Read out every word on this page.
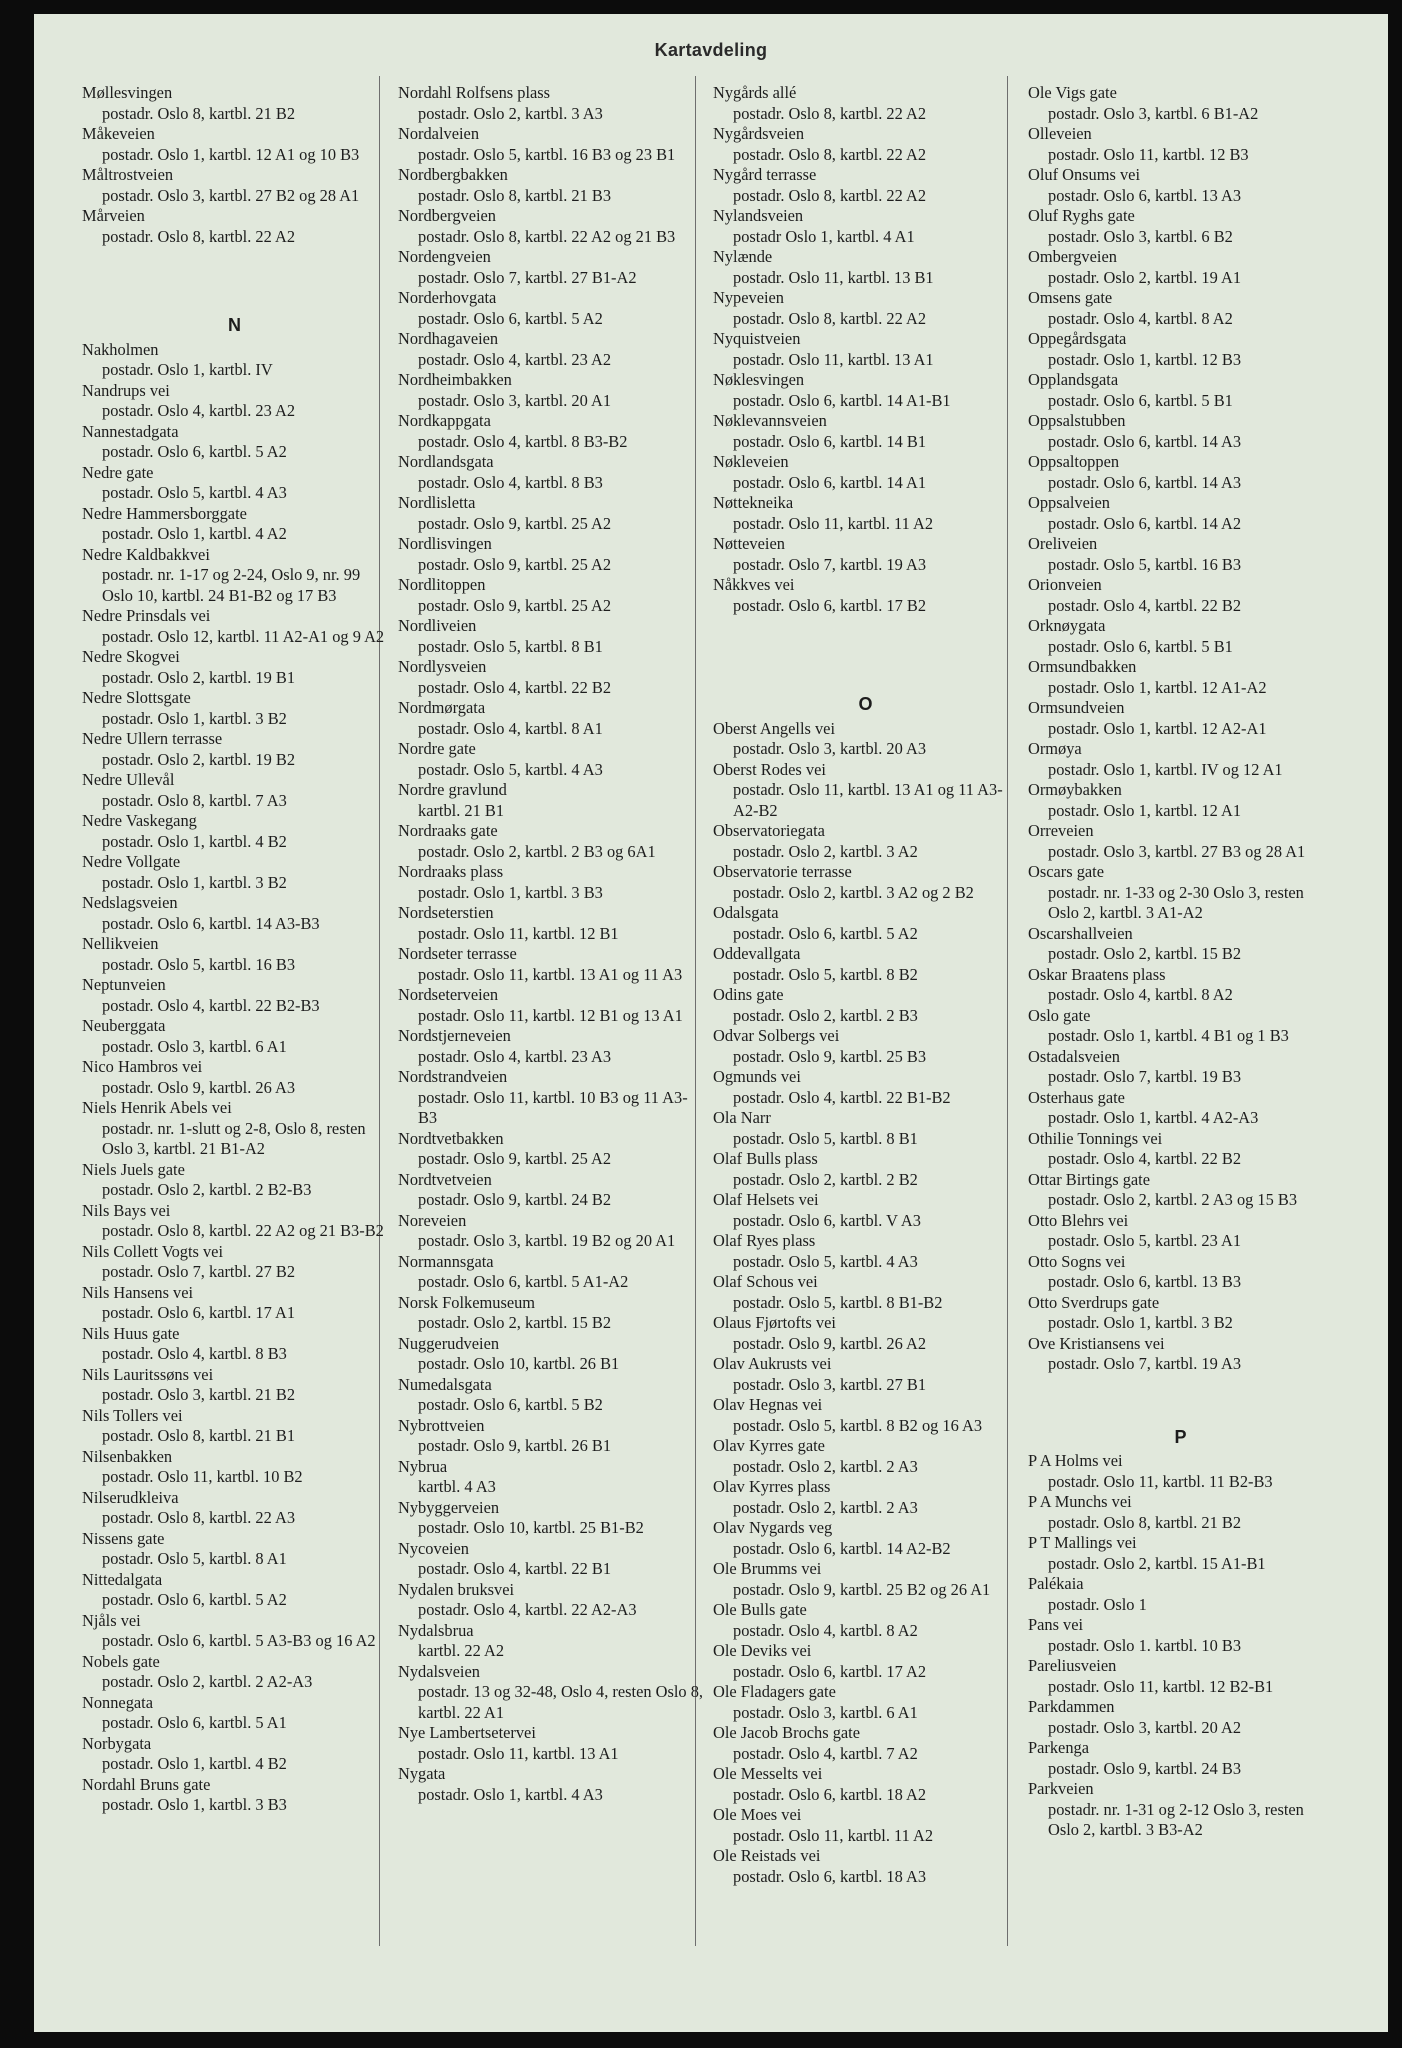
Kartavdeling
Møllesvingen
postadr. Oslo 8, kartbl. 21 B2
Måkeveien
postadr. Oslo 1, kartbl. 12 A1 og 10 B3
Måltrostveien
postadr. Oslo 3, kartbl. 27 B2 og 28 A1
Mårveien
postadr. Oslo 8, kartbl. 22 A2
N
Nakholmen
postadr. Oslo 1, kartbl. IV
Nandrups vei
postadr. Oslo 4, kartbl. 23 A2
Nannestadgata
postadr. Oslo 6, kartbl. 5 A2
Nedre gate
postadr. Oslo 5, kartbl. 4 A3
Nedre Hammersborggate
postadr. Oslo 1, kartbl. 4 A2
Nedre Kaldbakkvei
postadr. nr. 1-17 og 2-24, Oslo 9, nr. 99 Oslo 10, kartbl. 24 B1-B2 og 17 B3
Nedre Prinsdals vei
postadr. Oslo 12, kartbl. 11 A2-A1 og 9 A2
Nedre Skogvei
postadr. Oslo 2, kartbl. 19 B1
Nedre Slottsgate
postadr. Oslo 1, kartbl. 3 B2
Nedre Ullern terrasse
postadr. Oslo 2, kartbl. 19 B2
Nedre Ullevål
postadr. Oslo 8, kartbl. 7 A3
Nedre Vaskegang
postadr. Oslo 1, kartbl. 4 B2
Nedre Vollgate
postadr. Oslo 1, kartbl. 3 B2
Nedslagsveien
postadr. Oslo 6, kartbl. 14 A3-B3
Nellikveien
postadr. Oslo 5, kartbl. 16 B3
Neptunveien
postadr. Oslo 4, kartbl. 22 B2-B3
Neuberggata
postadr. Oslo 3, kartbl. 6 A1
Nico Hambros vei
postadr. Oslo 9, kartbl. 26 A3
Niels Henrik Abels vei
postadr. nr. 1-slutt og 2-8, Oslo 8, resten Oslo 3, kartbl. 21 B1-A2
Niels Juels gate
postadr. Oslo 2, kartbl. 2 B2-B3
Nils Bays vei
postadr. Oslo 8, kartbl. 22 A2 og 21 B3-B2
Nils Collett Vogts vei
postadr. Oslo 7, kartbl. 27 B2
Nils Hansens vei
postadr. Oslo 6, kartbl. 17 A1
Nils Huus gate
postadr. Oslo 4, kartbl. 8 B3
Nils Lauritssøns vei
postadr. Oslo 3, kartbl. 21 B2
Nils Tollers vei
postadr. Oslo 8, kartbl. 21 B1
Nilsenbakken
postadr. Oslo 11, kartbl. 10 B2
Nilserudkleiva
postadr. Oslo 8, kartbl. 22 A3
Nissens gate
postadr. Oslo 5, kartbl. 8 A1
Nittedalgata
postadr. Oslo 6, kartbl. 5 A2
Njåls vei
postadr. Oslo 6, kartbl. 5 A3-B3 og 16 A2
Nobels gate
postadr. Oslo 2, kartbl. 2 A2-A3
Nonnegata
postadr. Oslo 6, kartbl. 5 A1
Norbygata
postadr. Oslo 1, kartbl. 4 B2
Nordahl Bruns gate
postadr. Oslo 1, kartbl. 3 B3
Nordahl Rolfsens plass
postadr. Oslo 2, kartbl. 3 A3
Nordalveien
postadr. Oslo 5, kartbl. 16 B3 og 23 B1
Nordbergbakken
postadr. Oslo 8, kartbl. 21 B3
Nordbergveien
postadr. Oslo 8, kartbl. 22 A2 og 21 B3
Nordengveien
postadr. Oslo 7, kartbl. 27 B1-A2
Norderhovgata
postadr. Oslo 6, kartbl. 5 A2
Nordhagaveien
postadr. Oslo 4, kartbl. 23 A2
Nordheimbakken
postadr. Oslo 3, kartbl. 20 A1
Nordkappgata
postadr. Oslo 4, kartbl. 8 B3-B2
Nordlandsgata
postadr. Oslo 4, kartbl. 8 B3
Nordlisletta
postadr. Oslo 9, kartbl. 25 A2
Nordlisvingen
postadr. Oslo 9, kartbl. 25 A2
Nordlitoppen
postadr. Oslo 9, kartbl. 25 A2
Nordliveien
postadr. Oslo 5, kartbl. 8 B1
Nordlysveien
postadr. Oslo 4, kartbl. 22 B2
Nordmørgata
postadr. Oslo 4, kartbl. 8 A1
Nordre gate
postadr. Oslo 5, kartbl. 4 A3
Nordre gravlund
kartbl. 21 B1
Nordraaks gate
postadr. Oslo 2, kartbl. 2 B3 og 6A1
Nordraaks plass
postadr. Oslo 1, kartbl. 3 B3
Nordseterstien
postadr. Oslo 11, kartbl. 12 B1
Nordseter terrasse
postadr. Oslo 11, kartbl. 13 A1 og 11 A3
Nordseterveien
postadr. Oslo 11, kartbl. 12 B1 og 13 A1
Nordstjerneveien
postadr. Oslo 4, kartbl. 23 A3
Nordstrandveien
postadr. Oslo 11, kartbl. 10 B3 og 11 A3-B3
Nordtvetbakken
postadr. Oslo 9, kartbl. 25 A2
Nordtvetveien
postadr. Oslo 9, kartbl. 24 B2
Noreveien
postadr. Oslo 3, kartbl. 19 B2 og 20 A1
Normannsgata
postadr. Oslo 6, kartbl. 5 A1-A2
Norsk Folkemuseum
postadr. Oslo 2, kartbl. 15 B2
Nuggerudveien
postadr. Oslo 10, kartbl. 26 B1
Numedalsgata
postadr. Oslo 6, kartbl. 5 B2
Nybrottveien
postadr. Oslo 9, kartbl. 26 B1
Nybrua
kartbl. 4 A3
Nybyggerveien
postadr. Oslo 10, kartbl. 25 B1-B2
Nycoveien
postadr. Oslo 4, kartbl. 22 B1
Nydalen bruksvei
postadr. Oslo 4, kartbl. 22 A2-A3
Nydalsbrua
kartbl. 22 A2
Nydalsveien
postadr. 13 og 32-48, Oslo 4, resten Oslo 8, kartbl. 22 A1
Nye Lambertsetervei
postadr. Oslo 11, kartbl. 13 A1
Nygata
postadr. Oslo 1, kartbl. 4 A3
Nygårds allé
postadr. Oslo 8, kartbl. 22 A2
Nygårdsveien
postadr. Oslo 8, kartbl. 22 A2
Nygård terrasse
postadr. Oslo 8, kartbl. 22 A2
Nylandsveien
postadr Oslo 1, kartbl. 4 A1
Nylænde
postadr. Oslo 11, kartbl. 13 B1
Nypeveien
postadr. Oslo 8, kartbl. 22 A2
Nyquistveien
postadr. Oslo 11, kartbl. 13 A1
Nøklesvingen
postadr. Oslo 6, kartbl. 14 A1-B1
Nøklevannsveien
postadr. Oslo 6, kartbl. 14 B1
Nøkleveien
postadr. Oslo 6, kartbl. 14 A1
Nøttekneika
postadr. Oslo 11, kartbl. 11 A2
Nøtteveien
postadr. Oslo 7, kartbl. 19 A3
Nåkkves vei
postadr. Oslo 6, kartbl. 17 B2
O
Oberst Angells vei
postadr. Oslo 3, kartbl. 20 A3
Oberst Rodes vei
postadr. Oslo 11, kartbl. 13 A1 og 11 A3-A2-B2
Observatoriegata
postadr. Oslo 2, kartbl. 3 A2
Observatorie terrasse
postadr. Oslo 2, kartbl. 3 A2 og 2 B2
Odalsgata
postadr. Oslo 6, kartbl. 5 A2
Oddevallgata
postadr. Oslo 5, kartbl. 8 B2
Odins gate
postadr. Oslo 2, kartbl. 2 B3
Odvar Solbergs vei
postadr. Oslo 9, kartbl. 25 B3
Ogmunds vei
postadr. Oslo 4, kartbl. 22 B1-B2
Ola Narr
postadr. Oslo 5, kartbl. 8 B1
Olaf Bulls plass
postadr. Oslo 2, kartbl. 2 B2
Olaf Helsets vei
postadr. Oslo 6, kartbl. V A3
Olaf Ryes plass
postadr. Oslo 5, kartbl. 4 A3
Olaf Schous vei
postadr. Oslo 5, kartbl. 8 B1-B2
Olaus Fjørtofts vei
postadr. Oslo 9, kartbl. 26 A2
Olav Aukrusts vei
postadr. Oslo 3, kartbl. 27 B1
Olav Hegnas vei
postadr. Oslo 5, kartbl. 8 B2 og 16 A3
Olav Kyrres gate
postadr. Oslo 2, kartbl. 2 A3
Olav Kyrres plass
postadr. Oslo 2, kartbl. 2 A3
Olav Nygards veg
postadr. Oslo 6, kartbl. 14 A2-B2
Ole Brumms vei
postadr. Oslo 9, kartbl. 25 B2 og 26 A1
Ole Bulls gate
postadr. Oslo 4, kartbl. 8 A2
Ole Deviks vei
postadr. Oslo 6, kartbl. 17 A2
Ole Fladagers gate
postadr. Oslo 3, kartbl. 6 A1
Ole Jacob Brochs gate
postadr. Oslo 4, kartbl. 7 A2
Ole Messelts vei
postadr. Oslo 6, kartbl. 18 A2
Ole Moes vei
postadr. Oslo 11, kartbl. 11 A2
Ole Reistads vei
postadr. Oslo 6, kartbl. 18 A3
Ole Vigs gate
postadr. Oslo 3, kartbl. 6 B1-A2
Olleveien
postadr. Oslo 11, kartbl. 12 B3
Oluf Onsums vei
postadr. Oslo 6, kartbl. 13 A3
Oluf Ryghs gate
postadr. Oslo 3, kartbl. 6 B2
Ombergveien
postadr. Oslo 2, kartbl. 19 A1
Omsens gate
postadr. Oslo 4, kartbl. 8 A2
Oppegårdsgata
postadr. Oslo 1, kartbl. 12 B3
Opplandsgata
postadr. Oslo 6, kartbl. 5 B1
Oppsalstubben
postadr. Oslo 6, kartbl. 14 A3
Oppsaltoppen
postadr. Oslo 6, kartbl. 14 A3
Oppsalveien
postadr. Oslo 6, kartbl. 14 A2
Oreliveien
postadr. Oslo 5, kartbl. 16 B3
Orionveien
postadr. Oslo 4, kartbl. 22 B2
Orknøygata
postadr. Oslo 6, kartbl. 5 B1
Ormsundbakken
postadr. Oslo 1, kartbl. 12 A1-A2
Ormsundveien
postadr. Oslo 1, kartbl. 12 A2-A1
Ormøya
postadr. Oslo 1, kartbl. IV og 12 A1
Ormøybakken
postadr. Oslo 1, kartbl. 12 A1
Orreveien
postadr. Oslo 3, kartbl. 27 B3 og 28 A1
Oscars gate
postadr. nr. 1-33 og 2-30 Oslo 3, resten Oslo 2, kartbl. 3 A1-A2
Oscarshallveien
postadr. Oslo 2, kartbl. 15 B2
Oskar Braatens plass
postadr. Oslo 4, kartbl. 8 A2
Oslo gate
postadr. Oslo 1, kartbl. 4 B1 og 1 B3
Ostadalsveien
postadr. Oslo 7, kartbl. 19 B3
Osterhaus gate
postadr. Oslo 1, kartbl. 4 A2-A3
Othilie Tonnings vei
postadr. Oslo 4, kartbl. 22 B2
Ottar Birtings gate
postadr. Oslo 2, kartbl. 2 A3 og 15 B3
Otto Blehrs vei
postadr. Oslo 5, kartbl. 23 A1
Otto Sogns vei
postadr. Oslo 6, kartbl. 13 B3
Otto Sverdrups gate
postadr. Oslo 1, kartbl. 3 B2
Ove Kristiansens vei
postadr. Oslo 7, kartbl. 19 A3
P
P A Holms vei
postadr. Oslo 11, kartbl. 11 B2-B3
P A Munchs vei
postadr. Oslo 8, kartbl. 21 B2
P T Mallings vei
postadr. Oslo 2, kartbl. 15 A1-B1
Palékaia
postadr. Oslo 1
Pans vei
postadr. Oslo 1. kartbl. 10 B3
Pareliusveien
postadr. Oslo 11, kartbl. 12 B2-B1
Parkdammen
postadr. Oslo 3, kartbl. 20 A2
Parkenga
postadr. Oslo 9, kartbl. 24 B3
Parkveien
postadr. nr. 1-31 og 2-12 Oslo 3, resten Oslo 2, kartbl. 3 B3-A2
